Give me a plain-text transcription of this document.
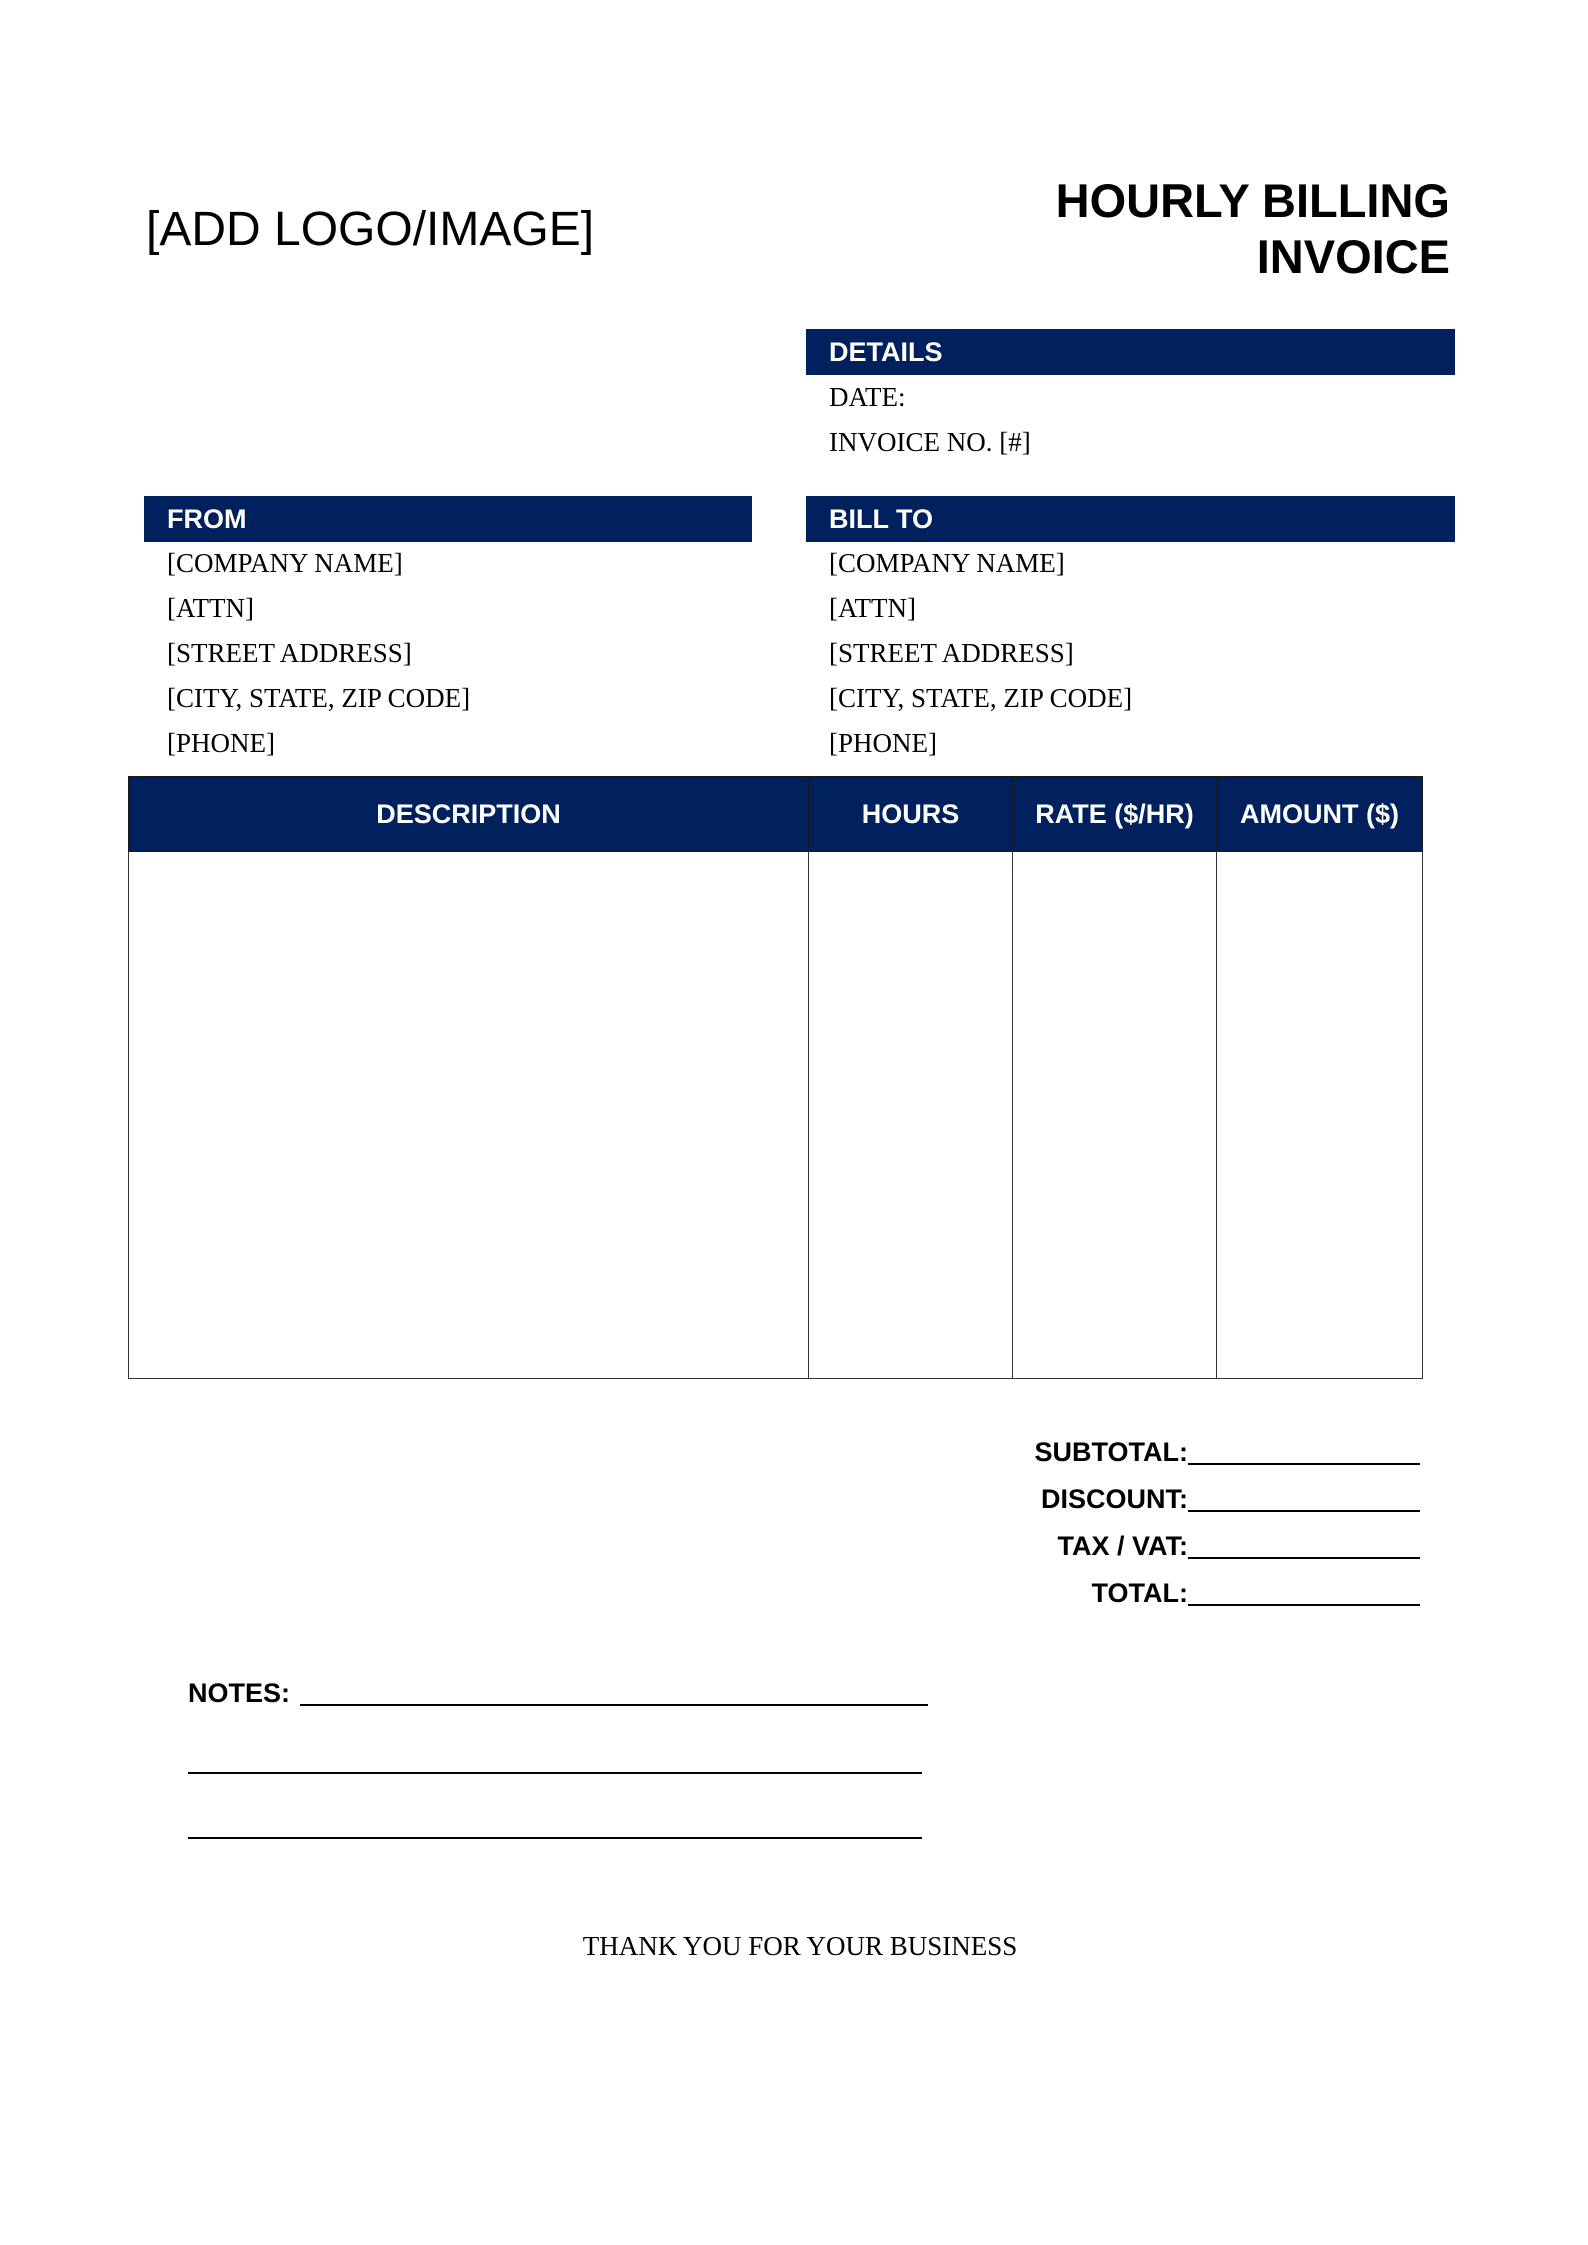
[ADD LOGO/IMAGE]
HOURLY BILLING
INVOICE
DETAILS
DATE:
INVOICE NO. [#]
FROM
[COMPANY NAME]
[ATTN]
[STREET ADDRESS]
[CITY, STATE, ZIP CODE]
[PHONE]
BILL TO
[COMPANY NAME]
[ATTN]
[STREET ADDRESS]
[CITY, STATE, ZIP CODE]
[PHONE]
DESCRIPTION	HOURS	RATE ($/HR)	AMOUNT ($)

SUBTOTAL:
DISCOUNT:
TAX / VAT:
TOTAL:
NOTES:
THANK YOU FOR YOUR BUSINESS
